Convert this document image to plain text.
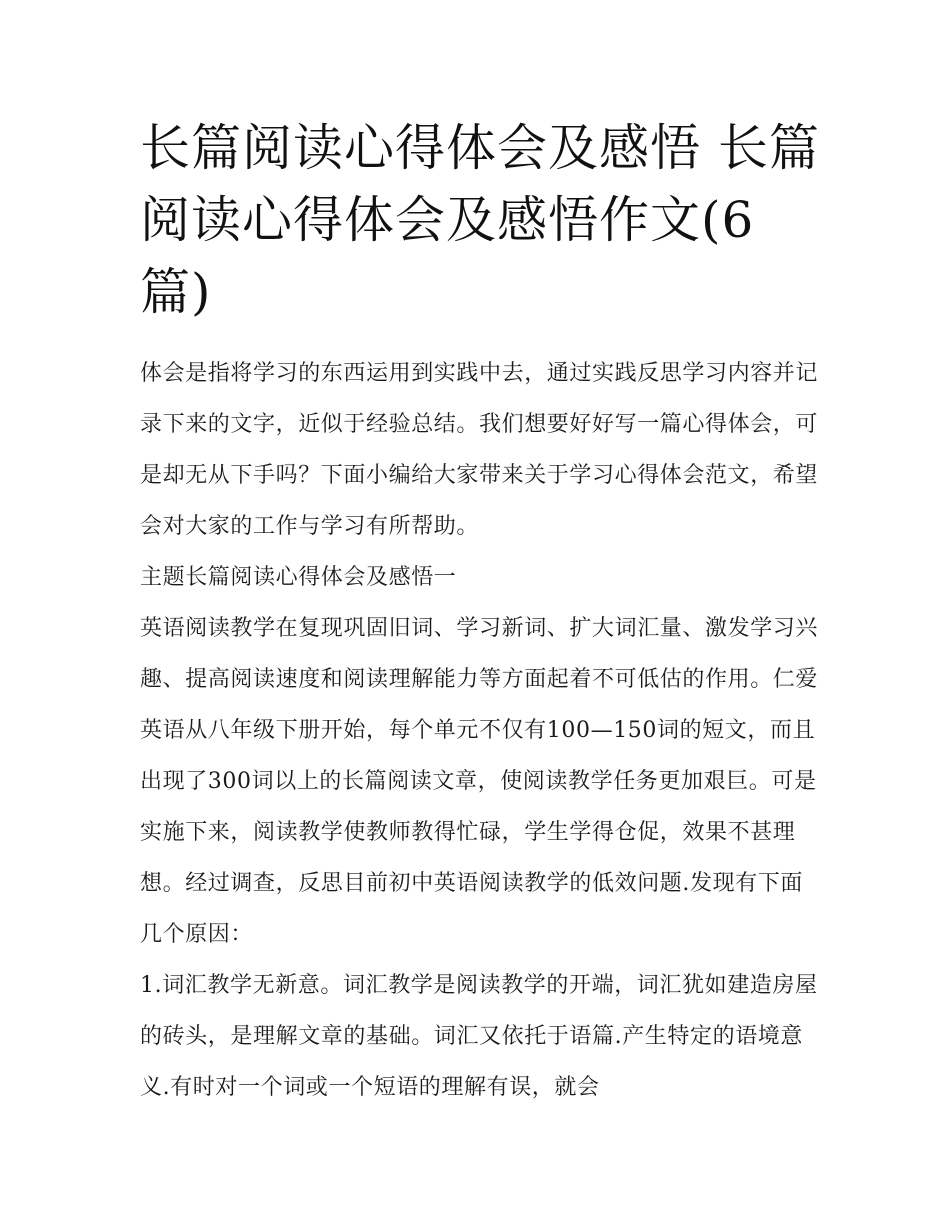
长篇阅读心得体会及感悟 长篇阅读心得体会及感悟作文(6篇)

体会是指将学习的东西运用到实践中去，通过实践反思学习内容并记录下来的文字，近似于经验总结。我们想要好好写一篇心得体会，可是却无从下手吗？下面小编给大家带来关于学习心得体会范文，希望会对大家的工作与学习有所帮助。

主题长篇阅读心得体会及感悟一

英语阅读教学在复现巩固旧词、学习新词、扩大词汇量、激发学习兴趣、提高阅读速度和阅读理解能力等方面起着不可低估的作用。仁爱英语从八年级下册开始，每个单元不仅有100—150词的短文，而且出现了300词以上的长篇阅读文章，使阅读教学任务更加艰巨。可是实施下来，阅读教学使教师教得忙碌，学生学得仓促，效果不甚理想。经过调查，反思目前初中英语阅读教学的低效问题.发现有下面几个原因：

1.词汇教学无新意。词汇教学是阅读教学的开端，词汇犹如建造房屋的砖头，是理解文章的基础。词汇又依托于语篇.产生特定的语境意义.有时对一个词或一个短语的理解有误，就会
